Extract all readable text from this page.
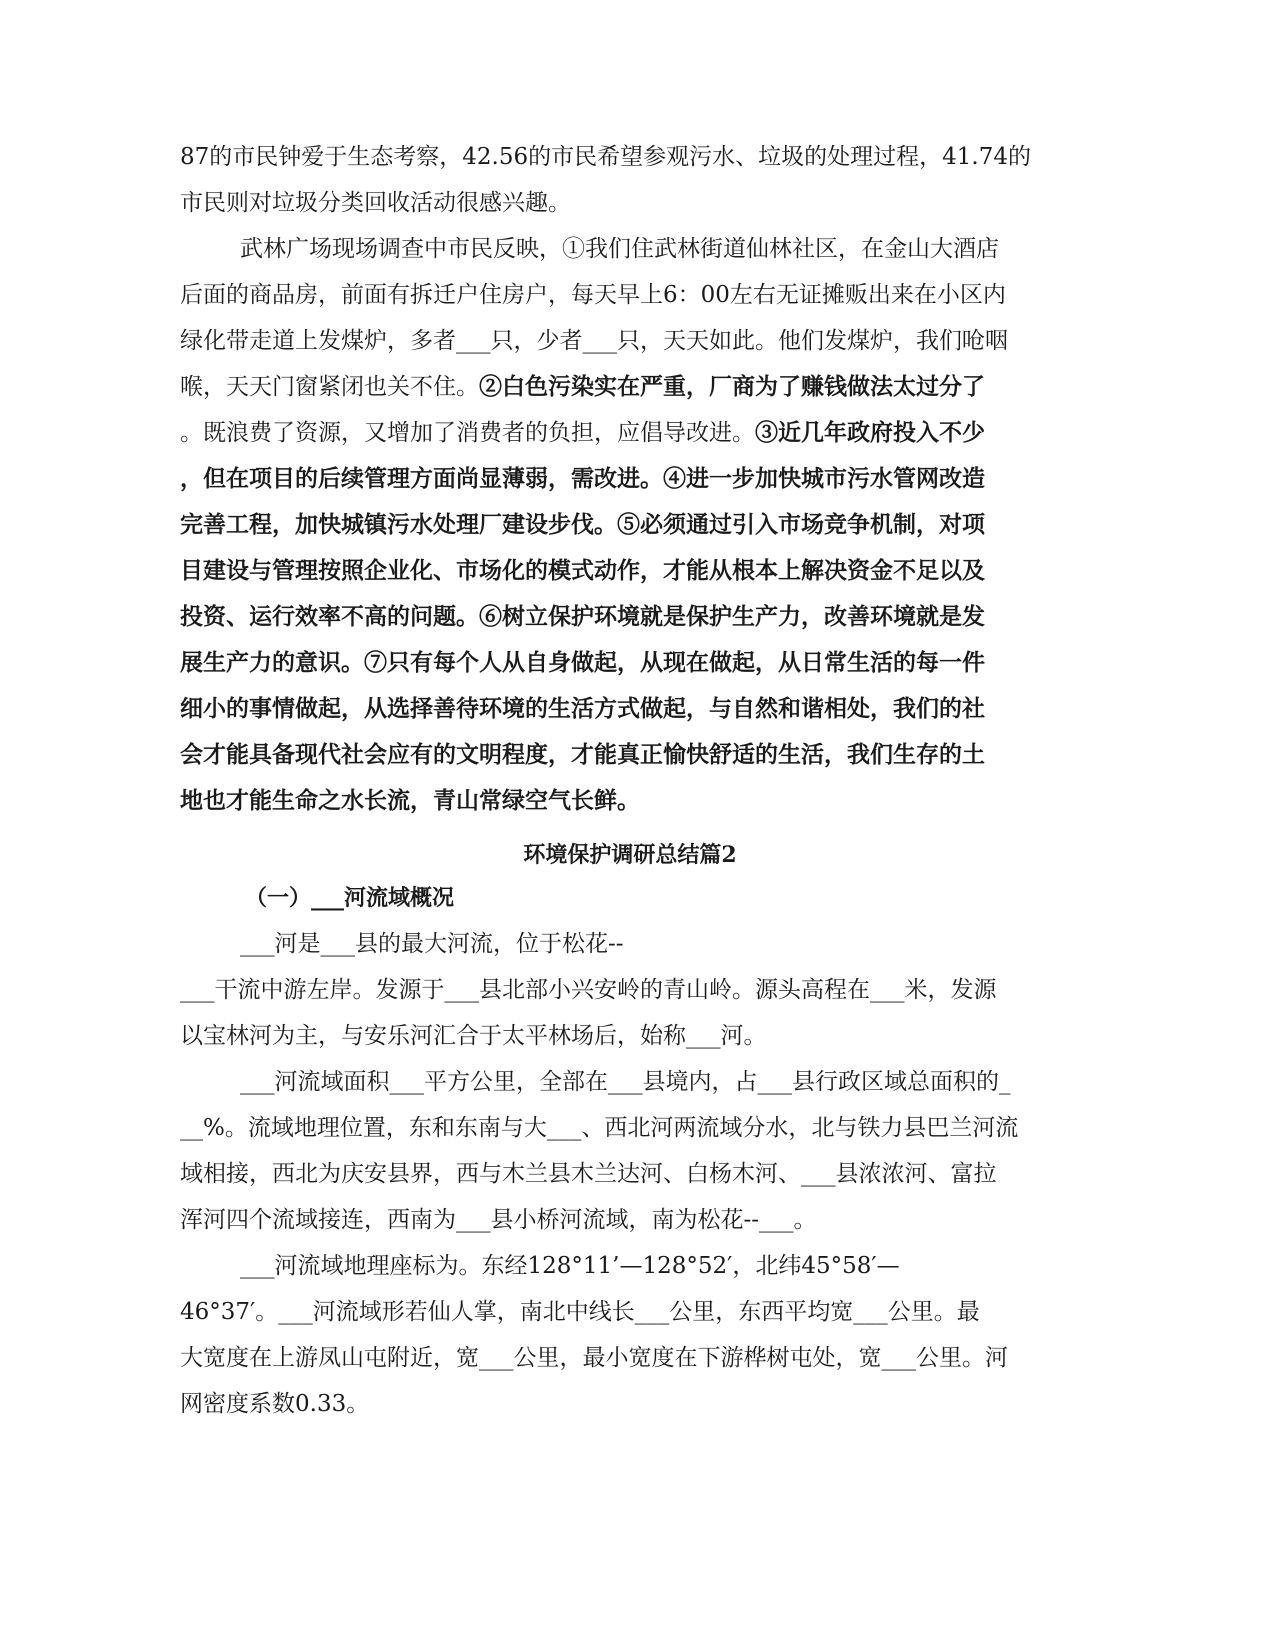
87的市民钟爱于生态考察，42.56的市民希望参观污水、垃圾的处理过程，41.74的
市民则对垃圾分类回收活动很感兴趣。
武林广场现场调查中市民反映，①我们住武林街道仙林社区，在金山大酒店
后面的商品房，前面有拆迁户住房户，每天早上6：00左右无证摊贩出来在小区内
绿化带走道上发煤炉，多者___只，少者___只，天天如此。他们发煤炉，我们呛咽
喉，天天门窗紧闭也关不住。②白色污染实在严重，厂商为了赚钱做法太过分了
。既浪费了资源，又增加了消费者的负担，应倡导改进。③近几年政府投入不少
，但在项目的后续管理方面尚显薄弱，需改进。④进一步加快城市污水管网改造
完善工程，加快城镇污水处理厂建设步伐。⑤必须通过引入市场竞争机制，对项
目建设与管理按照企业化、市场化的模式动作，才能从根本上解决资金不足以及
投资、运行效率不高的问题。⑥树立保护环境就是保护生产力，改善环境就是发
展生产力的意识。⑦只有每个人从自身做起，从现在做起，从日常生活的每一件
细小的事情做起，从选择善待环境的生活方式做起，与自然和谐相处，我们的社
会才能具备现代社会应有的文明程度，才能真正愉快舒适的生活，我们生存的土
地也才能生命之水长流，青山常绿空气长鲜。
环境保护调研总结篇2
（一）___河流域概况
___河是___县的最大河流，位于松花--
___干流中游左岸。发源于___县北部小兴安岭的青山岭。源头高程在___米，发源
以宝林河为主，与安乐河汇合于太平林场后，始称___河。
___河流域面积___平方公里，全部在___县境内，占___县行政区域总面积的_
__%。流域地理位置，东和东南与大___、西北河两流域分水，北与铁力县巴兰河流
域相接，西北为庆安县界，西与木兰县木兰达河、白杨木河、___县浓浓河、富拉
浑河四个流域接连，西南为___县小桥河流域，南为松花--___。
___河流域地理座标为。东经128°11’—128°52′，北纬45°58′—
46°37′。___河流域形若仙人掌，南北中线长___公里，东西平均宽___公里。最
大宽度在上游凤山屯附近，宽___公里，最小宽度在下游桦树屯处，宽___公里。河
网密度系数0.33。
